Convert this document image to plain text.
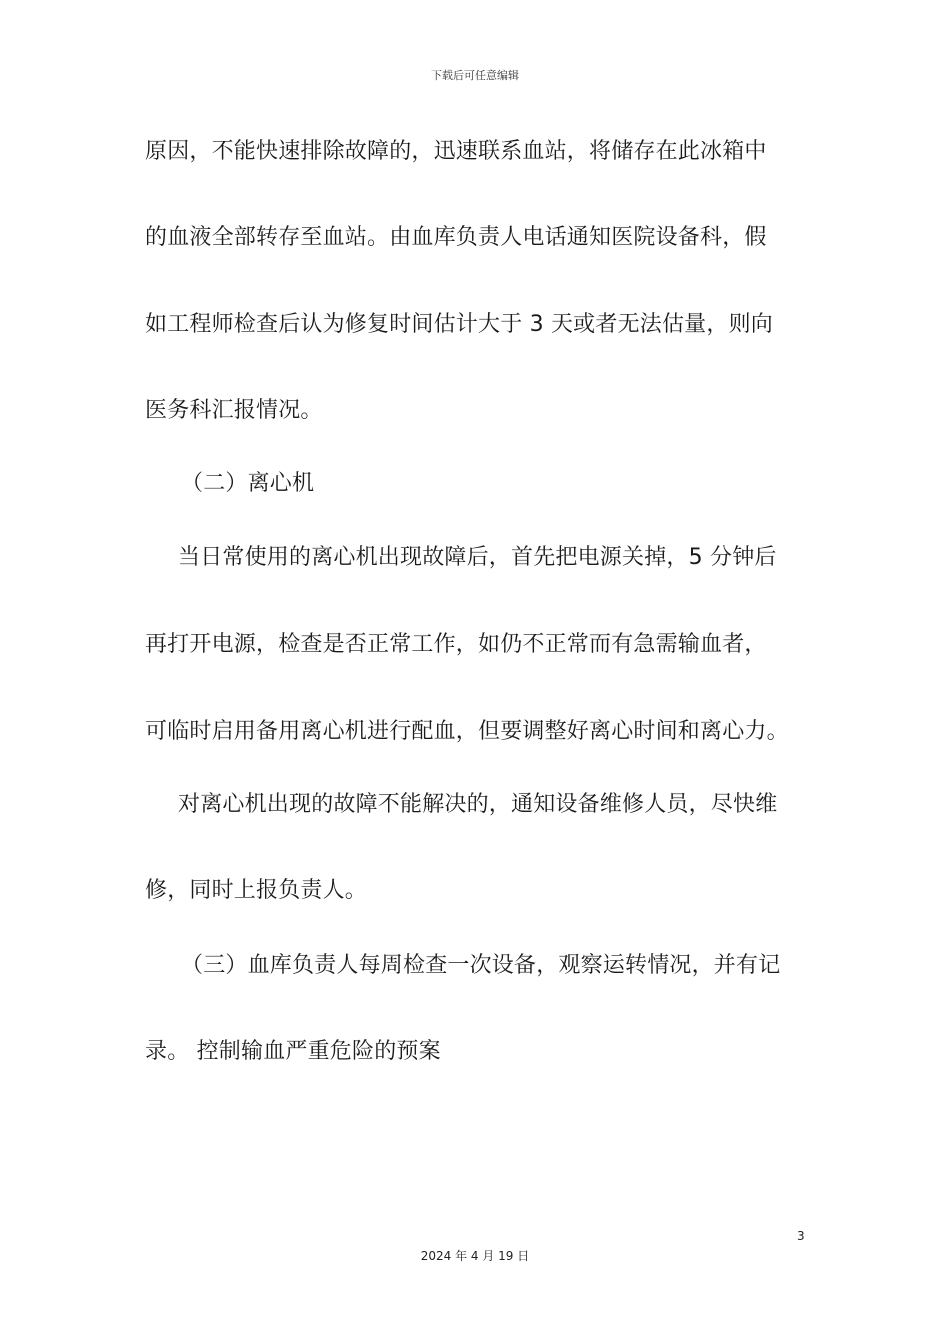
下载后可任意编辑
原因，不能快速排除故障的，迅速联系血站，将储存在此冰箱中
的血液全部转存至血站。由血库负责人电话通知医院设备科，假
如工程师检查后认为修复时间估计大于 3 天或者无法估量，则向
医务科汇报情况。
（二）离心机
当日常使用的离心机出现故障后，首先把电源关掉，5 分钟后
再打开电源，检查是否正常工作，如仍不正常而有急需输血者，
可临时启用备用离心机进行配血，但要调整好离心时间和离心力。
对离心机出现的故障不能解决的，通知设备维修人员，尽快维
修，同时上报负责人。
（三）血库负责人每周检查一次设备，观察运转情况，并有记
录。 控制输血严重危险的预案
3
2024 年 4 月 19 日
